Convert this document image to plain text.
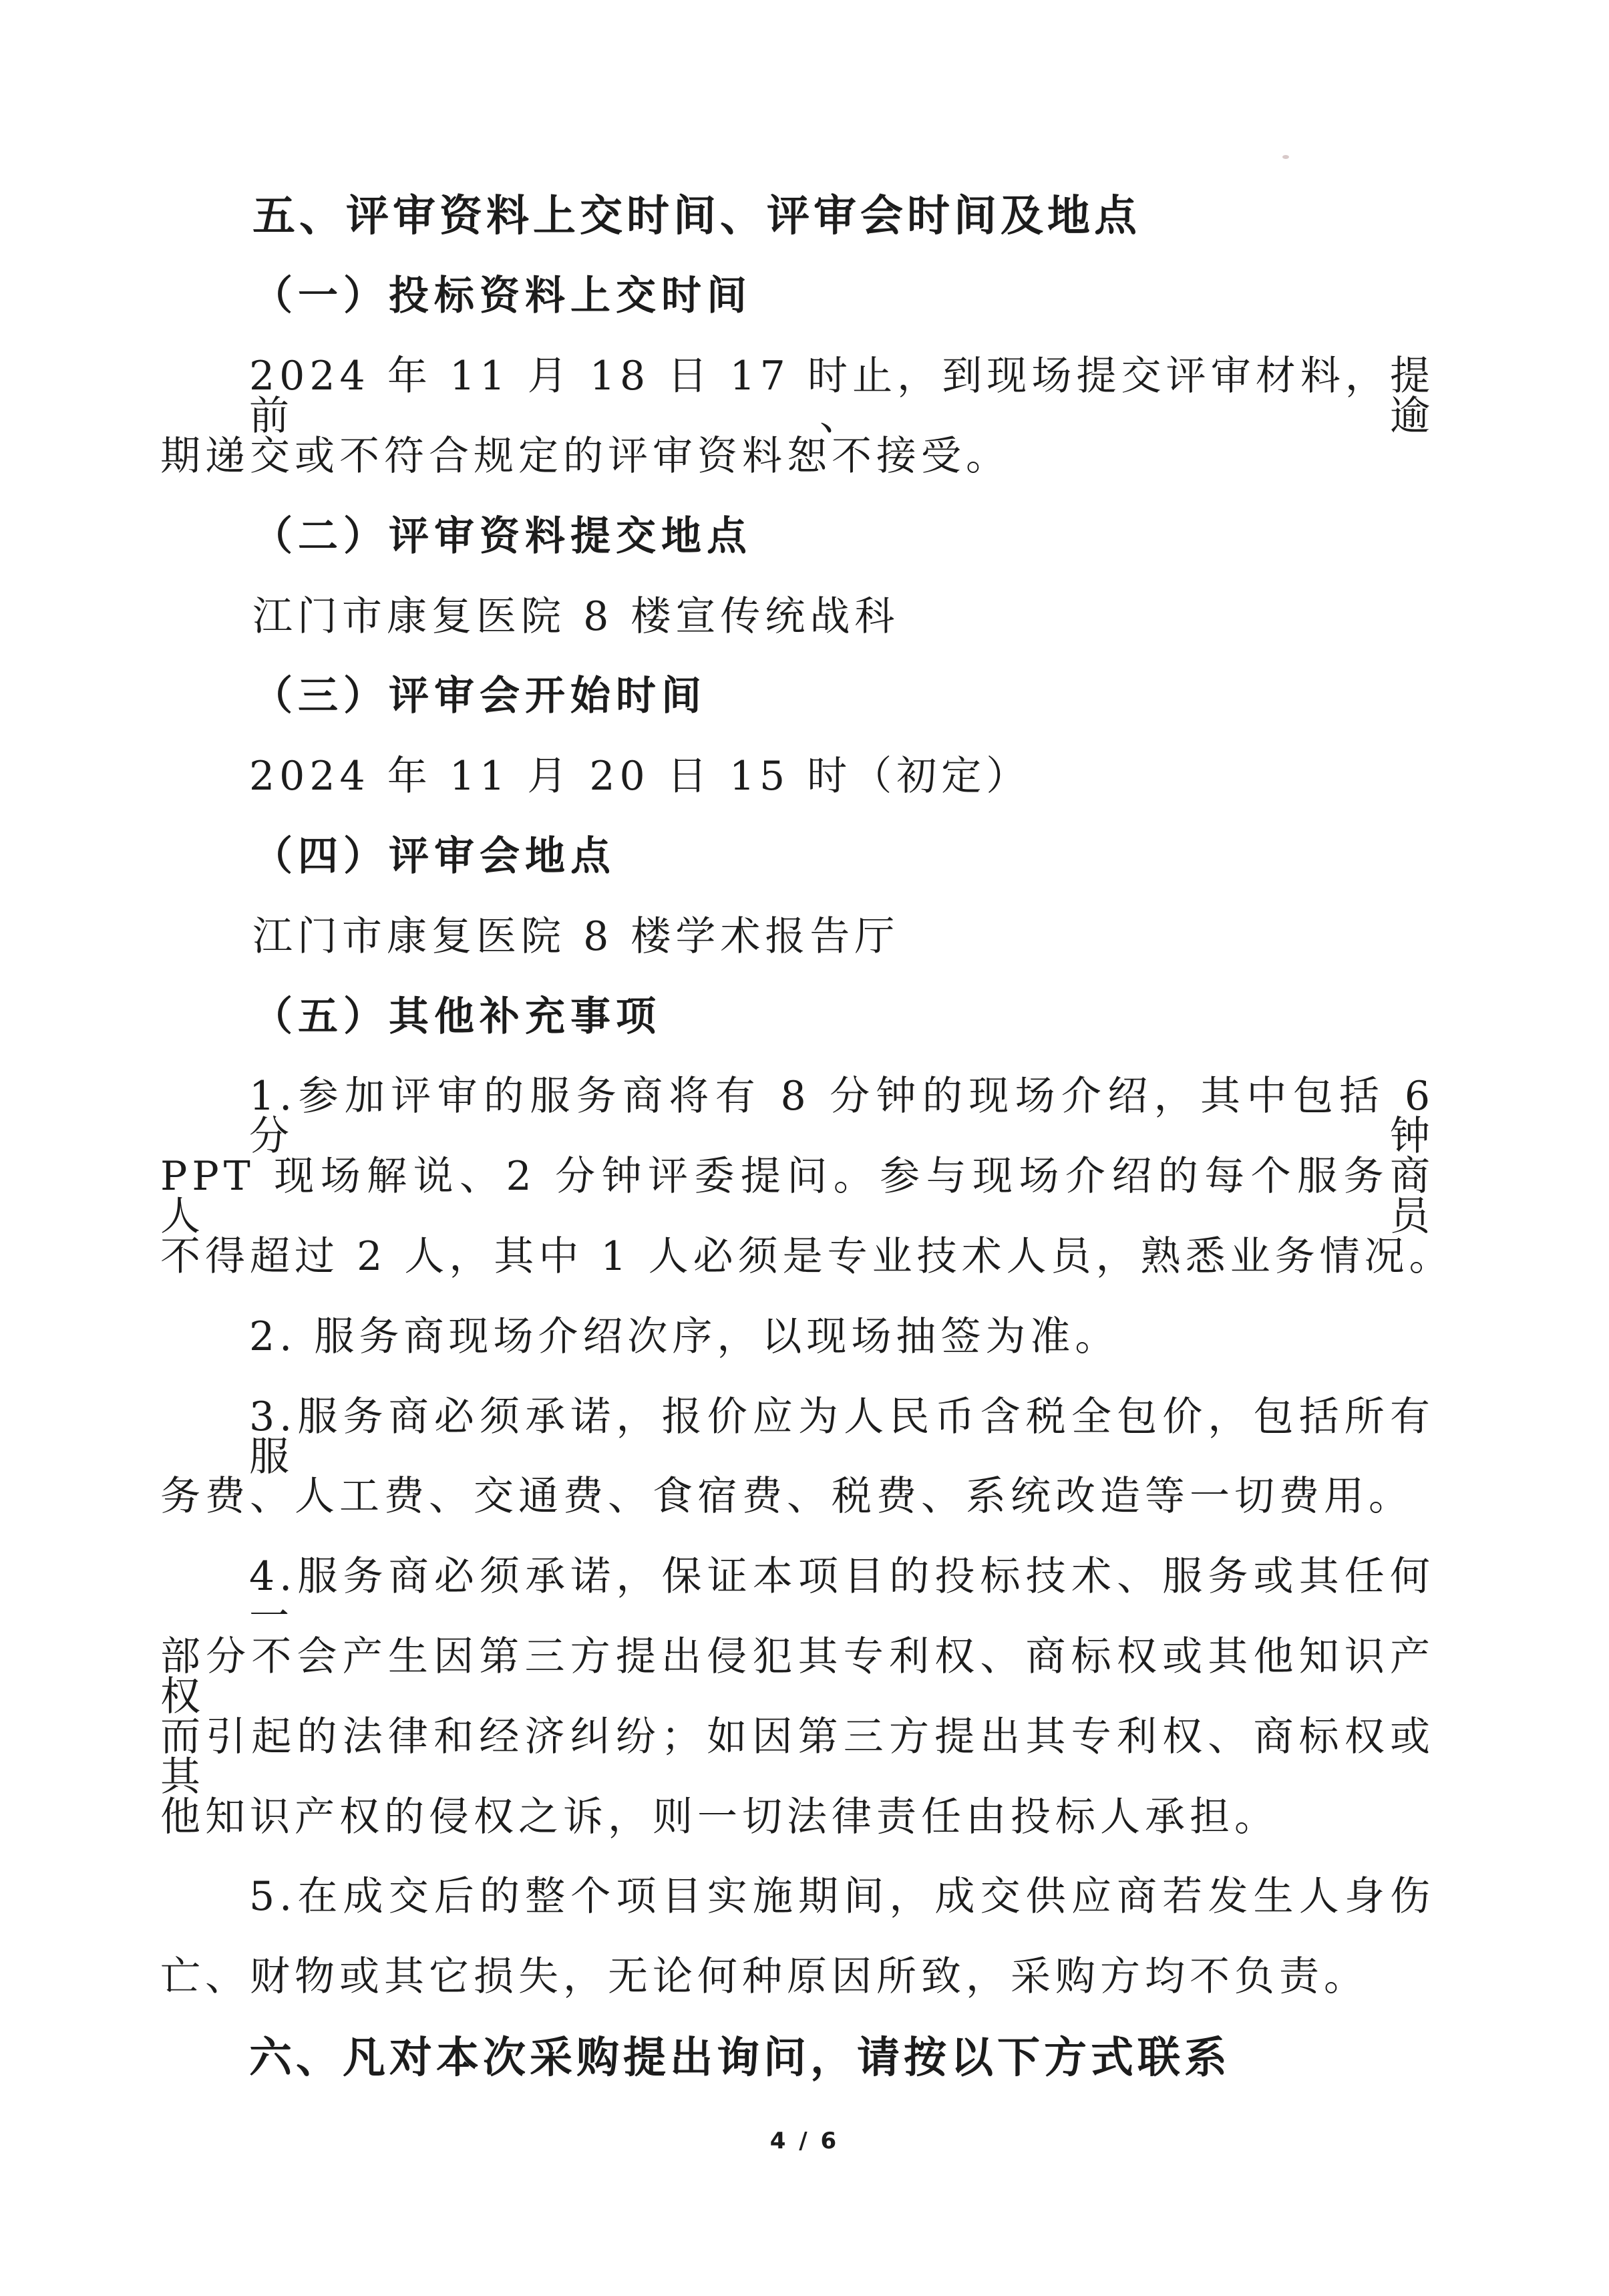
五、评审资料上交时间、评审会时间及地点
（一）投标资料上交时间
2024 年 11 月 18 日 17 时止，到现场提交评审材料，提前、逾
期递交或不符合规定的评审资料恕不接受。
（二）评审资料提交地点
江门市康复医院 8 楼宣传统战科
（三）评审会开始时间
2024 年 11 月 20 日 15 时（初定）
（四）评审会地点
江门市康复医院 8 楼学术报告厅
（五）其他补充事项
1.参加评审的服务商将有 8 分钟的现场介绍，其中包括 6 分钟
PPT 现场解说、2 分钟评委提问。参与现场介绍的每个服务商人员
不得超过 2 人，其中 1 人必须是专业技术人员，熟悉业务情况。
2. 服务商现场介绍次序，以现场抽签为准。
3.服务商必须承诺，报价应为人民币含税全包价，包括所有服
务费、人工费、交通费、食宿费、税费、系统改造等一切费用。
4.服务商必须承诺，保证本项目的投标技术、服务或其任何一
部分不会产生因第三方提出侵犯其专利权、商标权或其他知识产权
而引起的法律和经济纠纷；如因第三方提出其专利权、商标权或其
他知识产权的侵权之诉，则一切法律责任由投标人承担。
5.在成交后的整个项目实施期间，成交供应商若发生人身伤
亡、财物或其它损失，无论何种原因所致，采购方均不负责。
六、凡对本次采购提出询问，请按以下方式联系
4 / 6
